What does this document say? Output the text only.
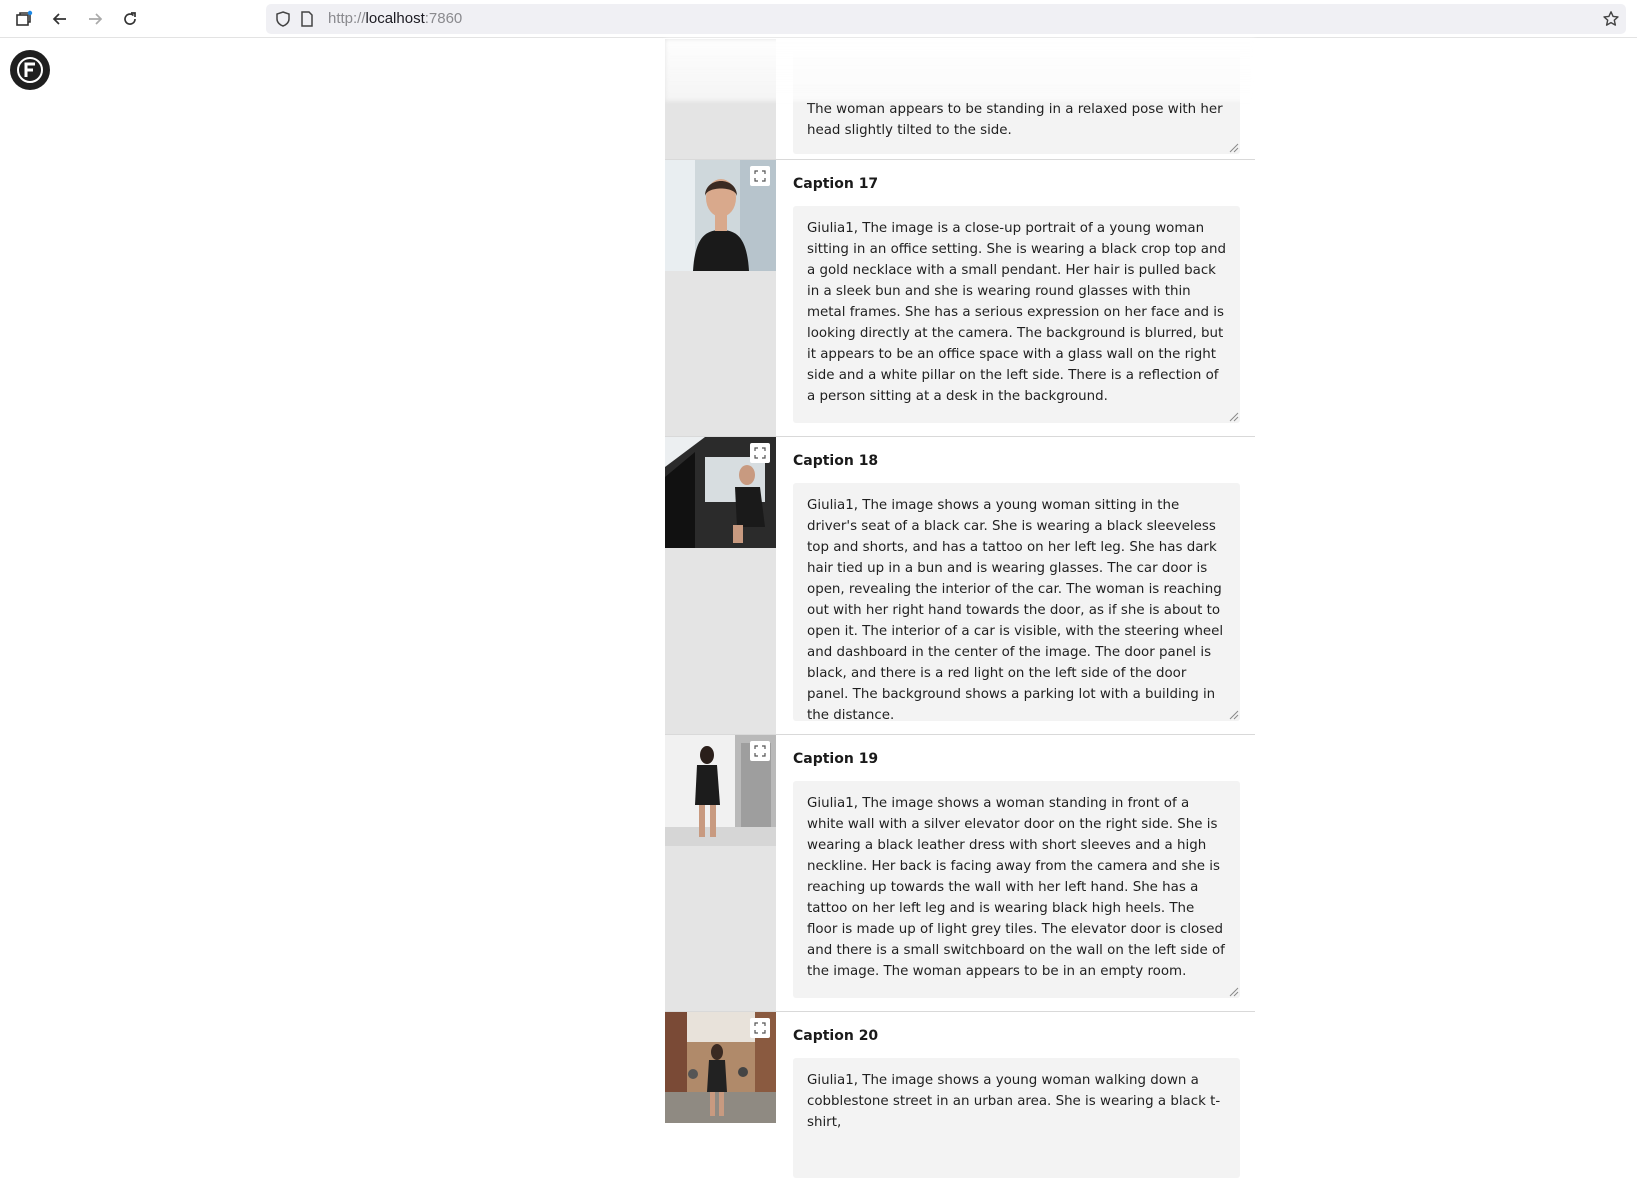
http://localhost:7860
The woman appears to be standing in a relaxed pose with her head slightly tilted to the side.
Caption 17
Giulia1, The image is a close-up portrait of a young woman sitting in an office setting. She is wearing a black crop top and a gold necklace with a small pendant. Her hair is pulled back in a sleek bun and she is wearing round glasses with thin metal frames. She has a serious expression on her face and is looking directly at the camera. The background is blurred, but it appears to be an office space with a glass wall on the right side and a white pillar on the left side. There is a reflection of a person sitting at a desk in the background.
Caption 18
Giulia1, The image shows a young woman sitting in the driver's seat of a black car. She is wearing a black sleeveless top and shorts, and has a tattoo on her left leg. She has dark hair tied up in a bun and is wearing glasses. The car door is open, revealing the interior of the car. The woman is reaching out with her right hand towards the door, as if she is about to open it. The interior of a car is visible, with the steering wheel and dashboard in the center of the image. The door panel is black, and there is a red light on the left side of the door panel. The background shows a parking lot with a building in the distance.
Caption 19
Giulia1, The image shows a woman standing in front of a white wall with a silver elevator door on the right side. She is wearing a black leather dress with short sleeves and a high neckline. Her back is facing away from the camera and she is reaching up towards the wall with her left hand. She has a tattoo on her left leg and is wearing black high heels. The floor is made up of light grey tiles. The elevator door is closed and there is a small switchboard on the wall on the left side of the image. The woman appears to be in an empty room.
Caption 20
Giulia1, The image shows a young woman walking down a cobblestone street in an urban area. She is wearing a black t-shirt,
